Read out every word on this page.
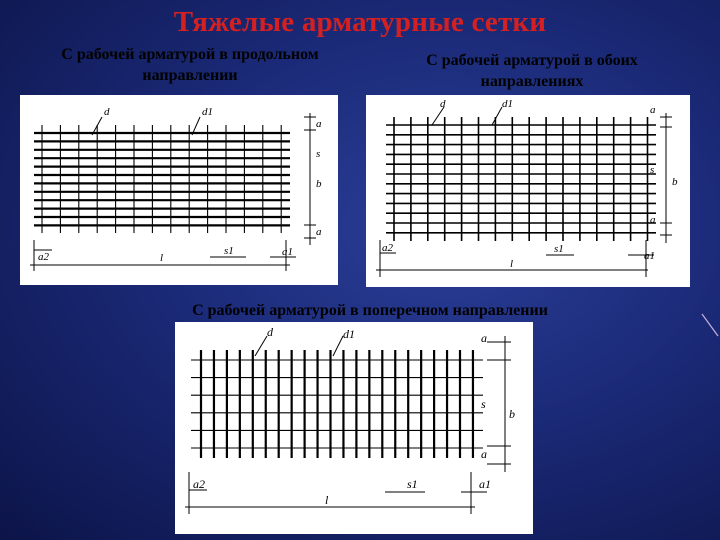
Тяжелые арматурные сетки
С рабочей арматурой в продольном направлении
С рабочей арматурой в обоих направлениях
С рабочей арматурой в поперечном направлении
d	d1
a
s
b
a
a2	l
s1	a1
d	d1	a
s
b
a
a2
l
s1
a1
d	d1	a
s
b
a
a2
l
s1	a1
